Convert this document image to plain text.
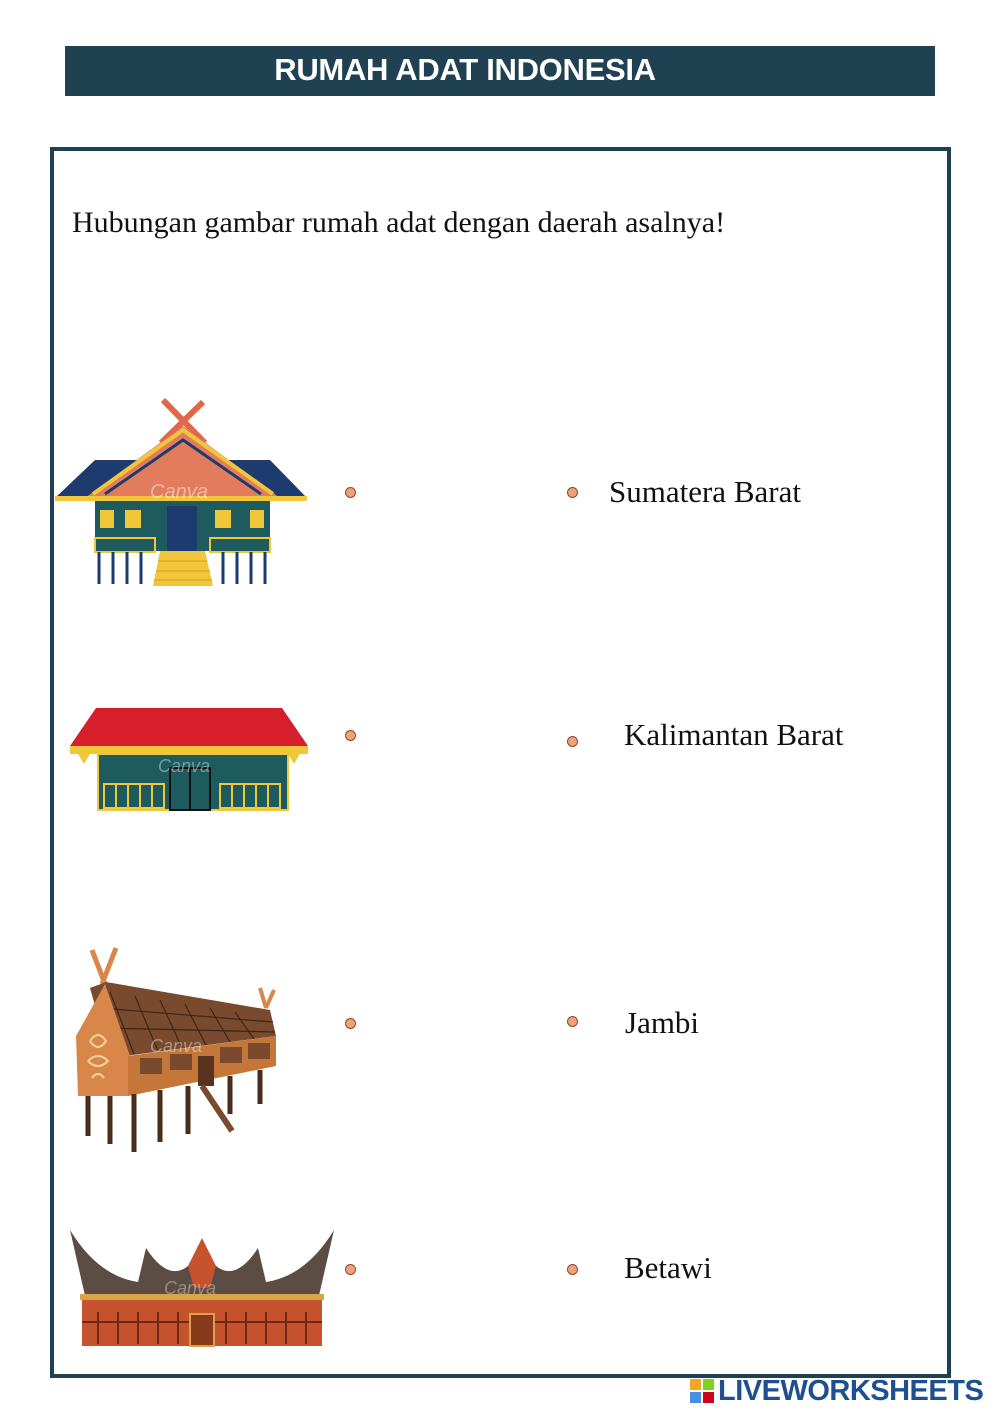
RUMAH ADAT INDONESIA
Hubungan gambar rumah adat dengan daerah asalnya!
Canva
Canva
Canva
Canva
Sumatera Barat
Kalimantan Barat
Jambi
Betawi
LIVEWORKSHEETS
